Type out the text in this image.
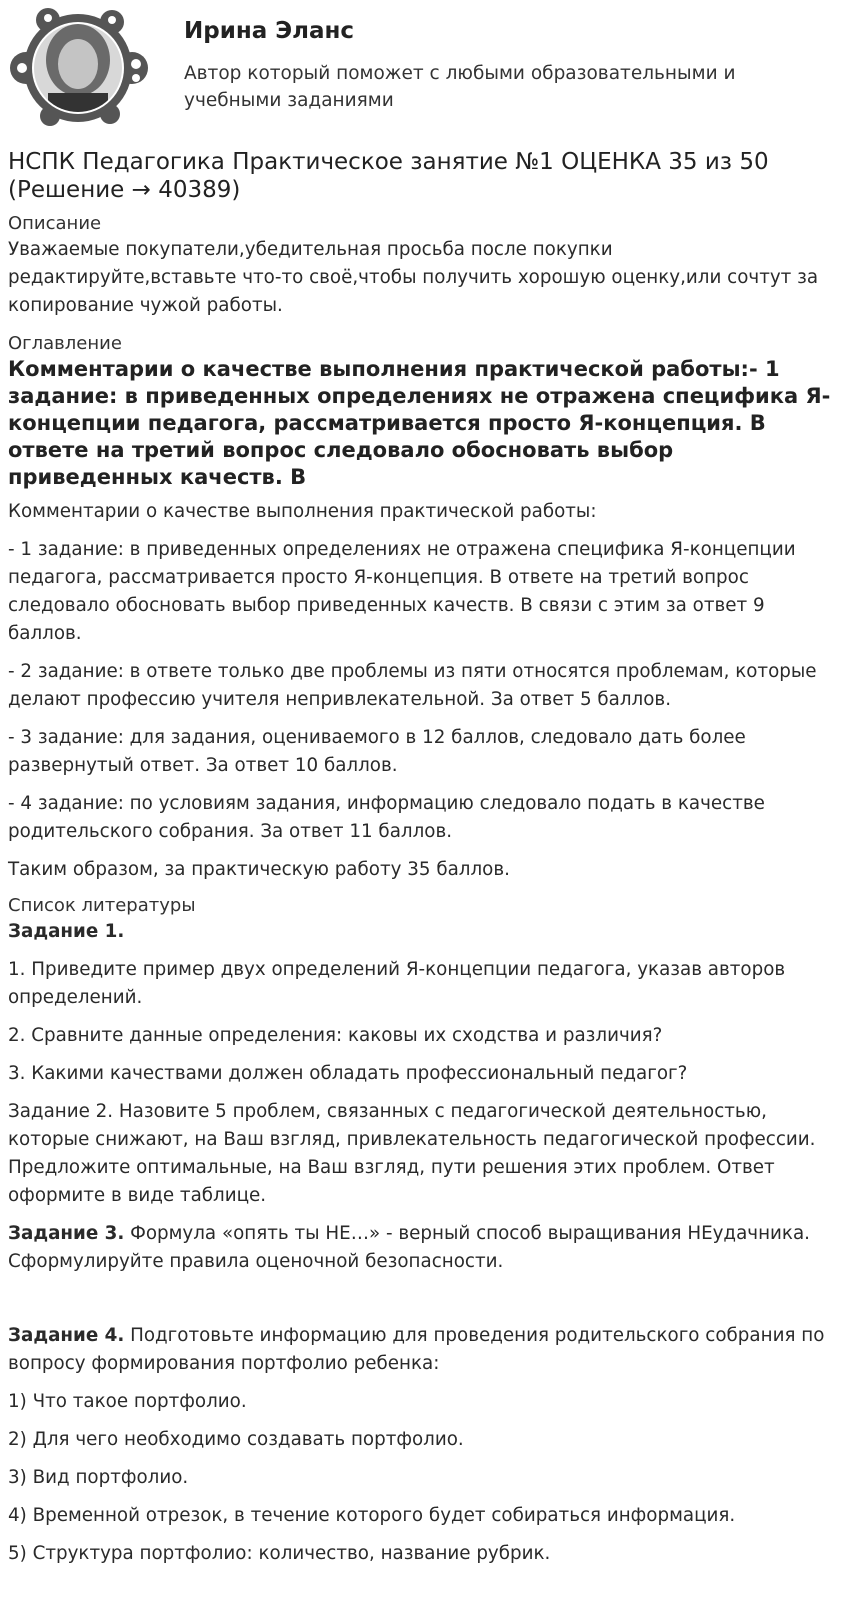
Ирина Эланс
Автор который поможет с любыми образовательными и учебными заданиями
НСПК Педагогика Практическое занятие №1 ОЦЕНКА 35 из 50 (Решение → 40389)
Описание

Уважаемые покупатели,убедительная просьба после покупки редактируйте,вставьте что-то своё,чтобы получить хорошую оценку,или сочтут за копирование чужой работы.

Оглавление
Комментарии о качестве выполнения практической работы:- 1 задание: в приведенных определениях не отражена специфика Я-концепции педагога, рассматривается просто Я-концепция. В ответе на третий вопрос следовало обосновать выбор приведенных качеств. В

Комментарии о качестве выполнения практической работы:

- 1 задание: в приведенных определениях не отражена специфика Я-концепции педагога, рассматривается просто Я-концепция. В ответе на третий вопрос следовало обосновать выбор приведенных качеств. В связи с этим за ответ 9 баллов.

- 2 задание: в ответе только две проблемы из пяти относятся проблемам, которые делают профессию учителя непривлекательной. За ответ 5 баллов.

- 3 задание: для задания, оцениваемого в 12 баллов, следовало дать более развернутый ответ. За ответ 10 баллов.

- 4 задание: по условиям задания, информацию следовало подать в качестве родительского собрания. За ответ 11 баллов.

Таким образом, за практическую работу 35 баллов.

Список литературы

Задание 1.

1. Приведите пример двух определений Я-концепции педагога, указав авторов определений.

2. Сравните данные определения: каковы их сходства и различия?

3. Какими качествами должен обладать профессиональный педагог?

Задание 2. Назовите 5 проблем, связанных с педагогической деятельностью, которые снижают, на Ваш взгляд, привлекательность педагогической профессии. Предложите оптимальные, на Ваш взгляд, пути решения этих проблем. Ответ оформите в виде таблице.

Задание 3. Формула «опять ты НЕ…» - верный способ выращивания НЕудачника. Сформулируйте правила оценочной безопасности.

Задание 4. Подготовьте информацию для проведения родительского собрания по вопросу формирования портфолио ребенка:

1) Что такое портфолио.

2) Для чего необходимо создавать портфолио.

3) Вид портфолио.

4) Временной отрезок, в течение которого будет собираться информация.

5) Структура портфолио: количество, название рубрик.
